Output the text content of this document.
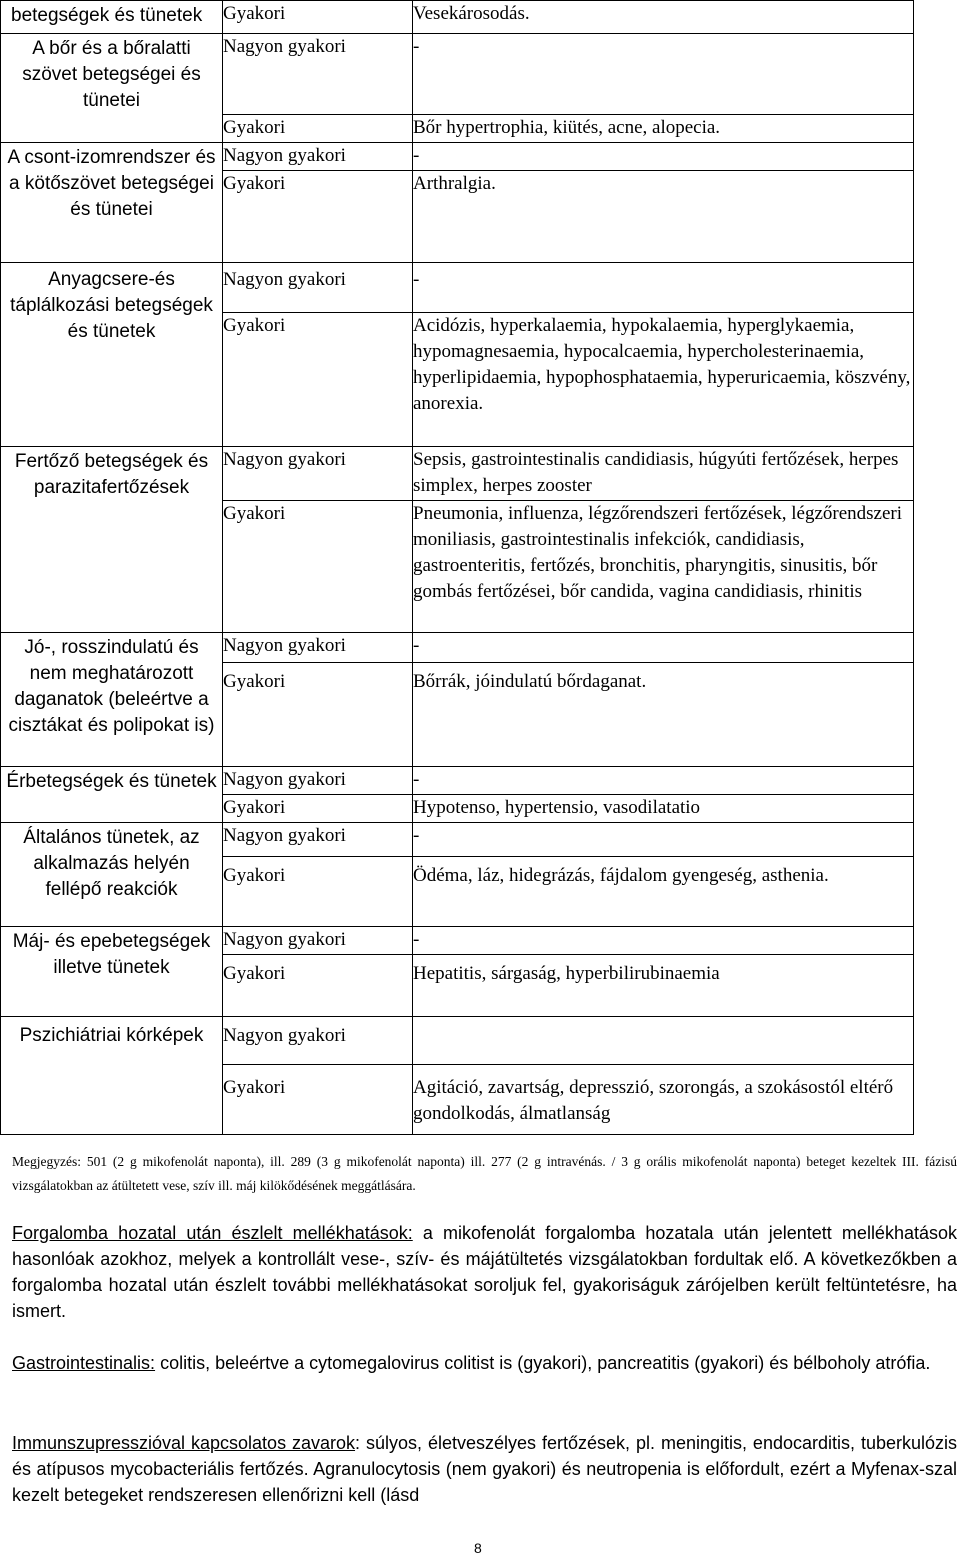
betegségek és tünetek	Gyakori	Vesekárosodás.
A bőr és a bőralatti szövet betegségei és tünetei	Nagyon gyakori	-
	Gyakori	Bőr hypertrophia, kiütés, acne, alopecia.
A csont-izomrendszer és a kötőszövet betegségei és tünetei	Nagyon gyakori	-
	Gyakori	Arthralgia.
Anyagcsere-és táplálkozási betegségek és tünetek	Nagyon gyakori	-
	Gyakori	Acidózis, hyperkalaemia, hypokalaemia, hyperglykaemia, hypomagnesaemia, hypocalcaemia, hypercholesterinaemia, hyperlipidaemia, hypophosphataemia, hyperuricaemia, köszvény, anorexia.
Fertőző betegségek és parazitafertőzések	Nagyon gyakori	Sepsis, gastrointestinalis candidiasis, húgyúti fertőzések, herpes simplex, herpes zooster
	Gyakori	Pneumonia, influenza, légzőrendszeri fertőzések, légzőrendszeri moniliasis, gastrointestinalis infekciók, candidiasis, gastroenteritis, fertőzés, bronchitis, pharyngitis, sinusitis, bőr gombás fertőzései, bőr candida, vagina candidiasis, rhinitis
Jó-, rosszindulatú és nem meghatározott daganatok (beleértve a cisztákat és polipokat is)	Nagyon gyakori	-
	Gyakori	Bőrrák, jóindulatú bőrdaganat.
Érbetegségek és tünetek	Nagyon gyakori	-
	Gyakori	Hypotenso, hypertensio, vasodilatatio
Általános tünetek, az alkalmazás helyén fellépő reakciók	Nagyon gyakori	-
	Gyakori	Ödéma, láz, hidegrázás, fájdalom gyengeség, asthenia.
Máj- és epebetegségek illetve tünetek	Nagyon gyakori	-
	Gyakori	Hepatitis, sárgaság, hyperbilirubinaemia
Pszichiátriai kórképek	Nagyon gyakori	
	Gyakori	Agitáció, zavartság, depresszió, szorongás, a szokásostól eltérő gondolkodás, álmatlanság
Megjegyzés: 501 (2 g mikofenolát naponta), ill. 289 (3 g mikofenolát naponta) ill. 277 (2 g intravénás. / 3 g orális mikofenolát naponta) beteget kezeltek III. fázisú vizsgálatokban az átültetett vese, szív ill. máj kilökődésének meggátlására.
Forgalomba hozatal után észlelt mellékhatások: a mikofenolát forgalomba hozatala után jelentett mellékhatások hasonlóak azokhoz, melyek a kontrollált vese-, szív- és májátültetés vizsgálatokban fordultak elő. A következőkben a forgalomba hozatal után észlelt további mellékhatásokat soroljuk fel, gyakoriságuk zárójelben került feltüntetésre, ha ismert.
Gastrointestinalis: colitis, beleértve a cytomegalovirus colitist is (gyakori), pancreatitis (gyakori) és bélboholy atrófia.
Immunszupresszióval kapcsolatos zavarok: súlyos, életveszélyes fertőzések, pl. meningitis, endocarditis, tuberkulózis és atípusos mycobacteriális fertőzés. Agranulocytosis (nem gyakori) és neutropenia is előfordult, ezért a Myfenax-szal kezelt betegeket rendszeresen ellenőrizni kell (lásd
8
